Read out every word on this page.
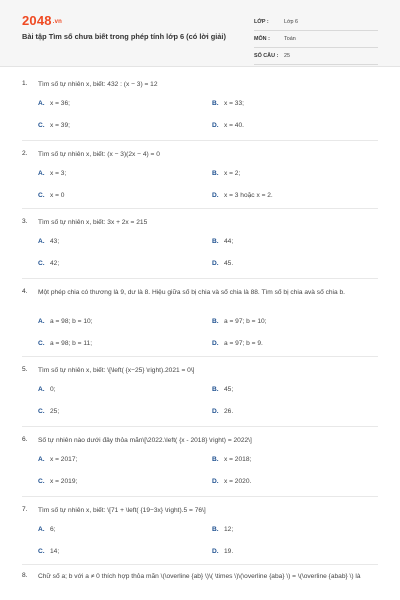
2048.vn
Bài tập Tìm số chưa biết trong phép tính lớp 6 (có lời giải)
LỚP :	Lớp 6
MÔN :	Toán
SỐ CÂU : 25
1. Tìm số tự nhiên x, biết: 432 : (x − 3) = 12
A. x = 36;	B. x = 33;
C. x = 39;	D. x = 40.
2. Tìm số tự nhiên x, biết: (x − 3)(2x − 4) = 0
A. x = 3;	B. x = 2;
C. x = 0	D. x = 3 hoặc x = 2.
3. Tìm số tự nhiên x, biết: 3x + 2x = 215
A. 43;	B. 44;
C. 42;	D. 45.
4. Một phép chia có thương là 9, dư là 8. Hiệu giữa số bị chia và số chia là 88. Tìm số bị chia avà số chia b.
A. a = 98; b = 10;	B. a = 97; b = 10;
C. a = 98; b = 11;	D. a = 97; b = 9.
5. Tìm số tự nhiên x, biết: \[\left( {x−25} \right).2021 = 0\]
A. 0;	B. 45;
C. 25;	D. 26.
6. Số tự nhiên nào dưới đây thỏa mãn\[\2022.\left( {x - 2018} \right) = 2022\]
A. x = 2017;	B. x = 2018;
C. x = 2019;	D. x = 2020.
7. Tìm số tự nhiên x, biết: \[71 + \left( {19−3x} \right).5 = 76\]
A. 6;	B. 12;
C. 14;	D. 19.
8. Chữ số a; b với a ≠ 0 thích hợp thỏa mãn \(\overline {ab} \)\( \times \)\(\overline {aba} \) = \(\overline {abab} \) là
